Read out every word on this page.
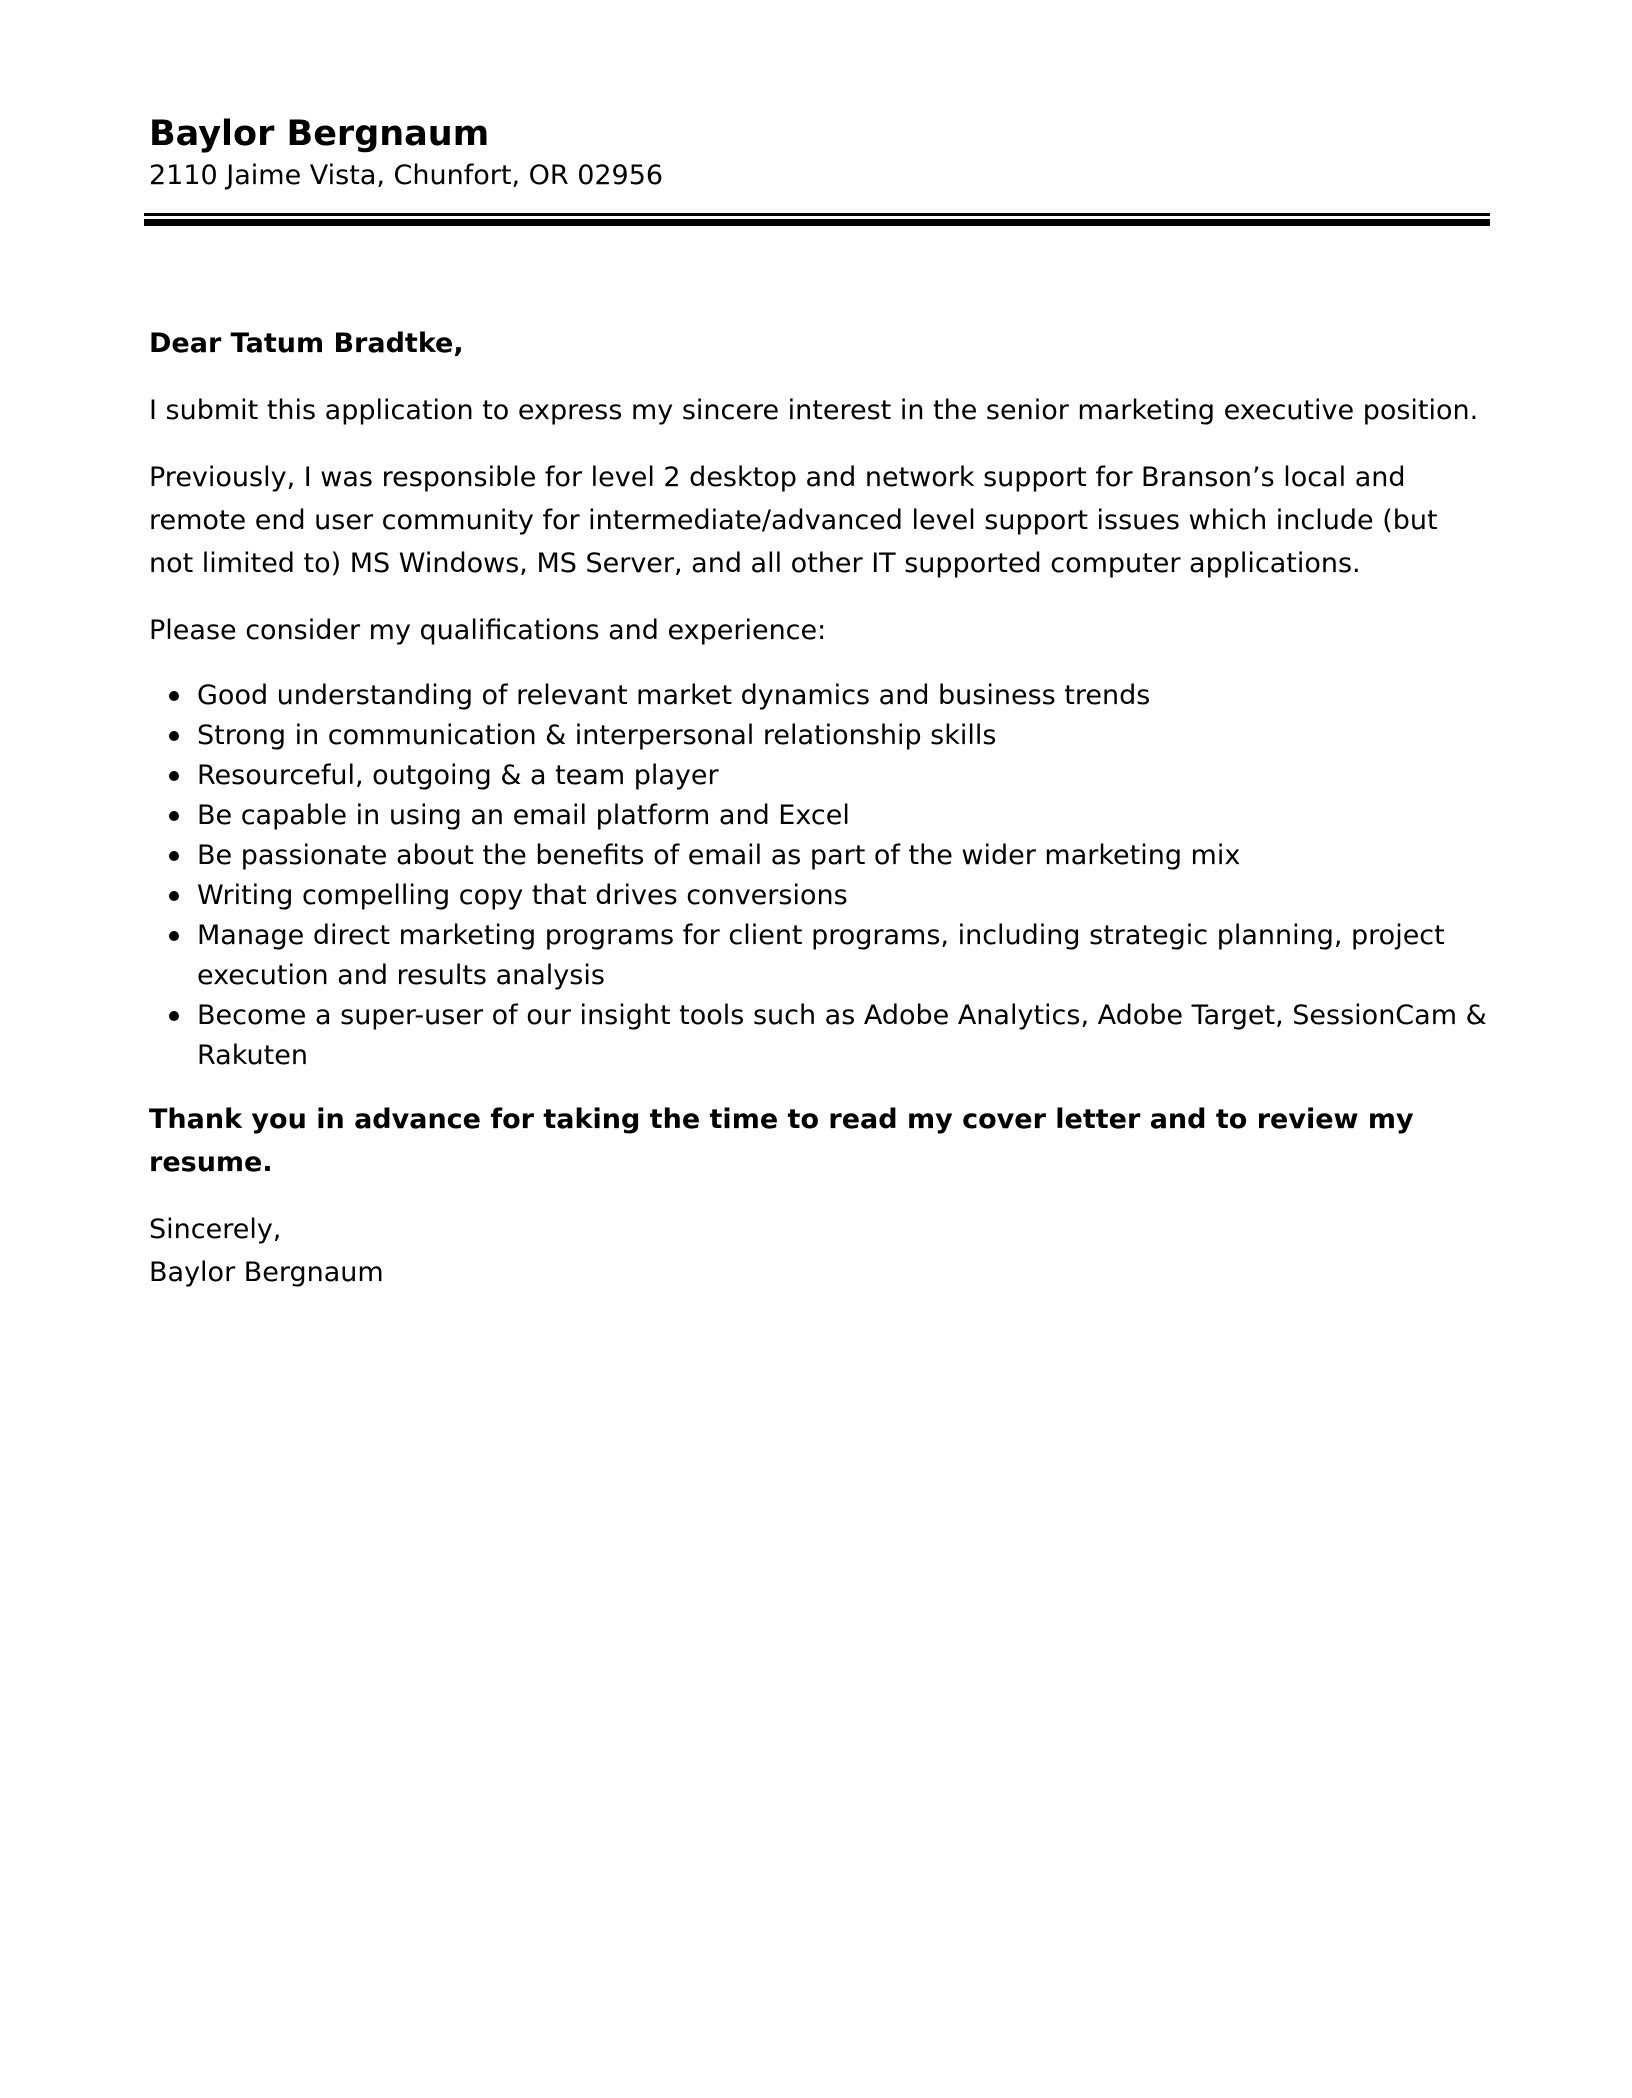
Baylor Bergnaum
2110 Jaime Vista, Chunfort, OR 02956

Dear Tatum Bradtke,

I submit this application to express my sincere interest in the senior marketing executive position.

Previously, I was responsible for level 2 desktop and network support for Branson’s local and remote end user community for intermediate/advanced level support issues which include (but not limited to) MS Windows, MS Server, and all other IT supported computer applications.

Please consider my qualifications and experience:

Good understanding of relevant market dynamics and business trends
Strong in communication & interpersonal relationship skills
Resourceful, outgoing & a team player
Be capable in using an email platform and Excel
Be passionate about the benefits of email as part of the wider marketing mix
Writing compelling copy that drives conversions
Manage direct marketing programs for client programs, including strategic planning, project execution and results analysis
Become a super-user of our insight tools such as Adobe Analytics, Adobe Target, SessionCam & Rakuten

Thank you in advance for taking the time to read my cover letter and to review my resume.

Sincerely,
Baylor Bergnaum
